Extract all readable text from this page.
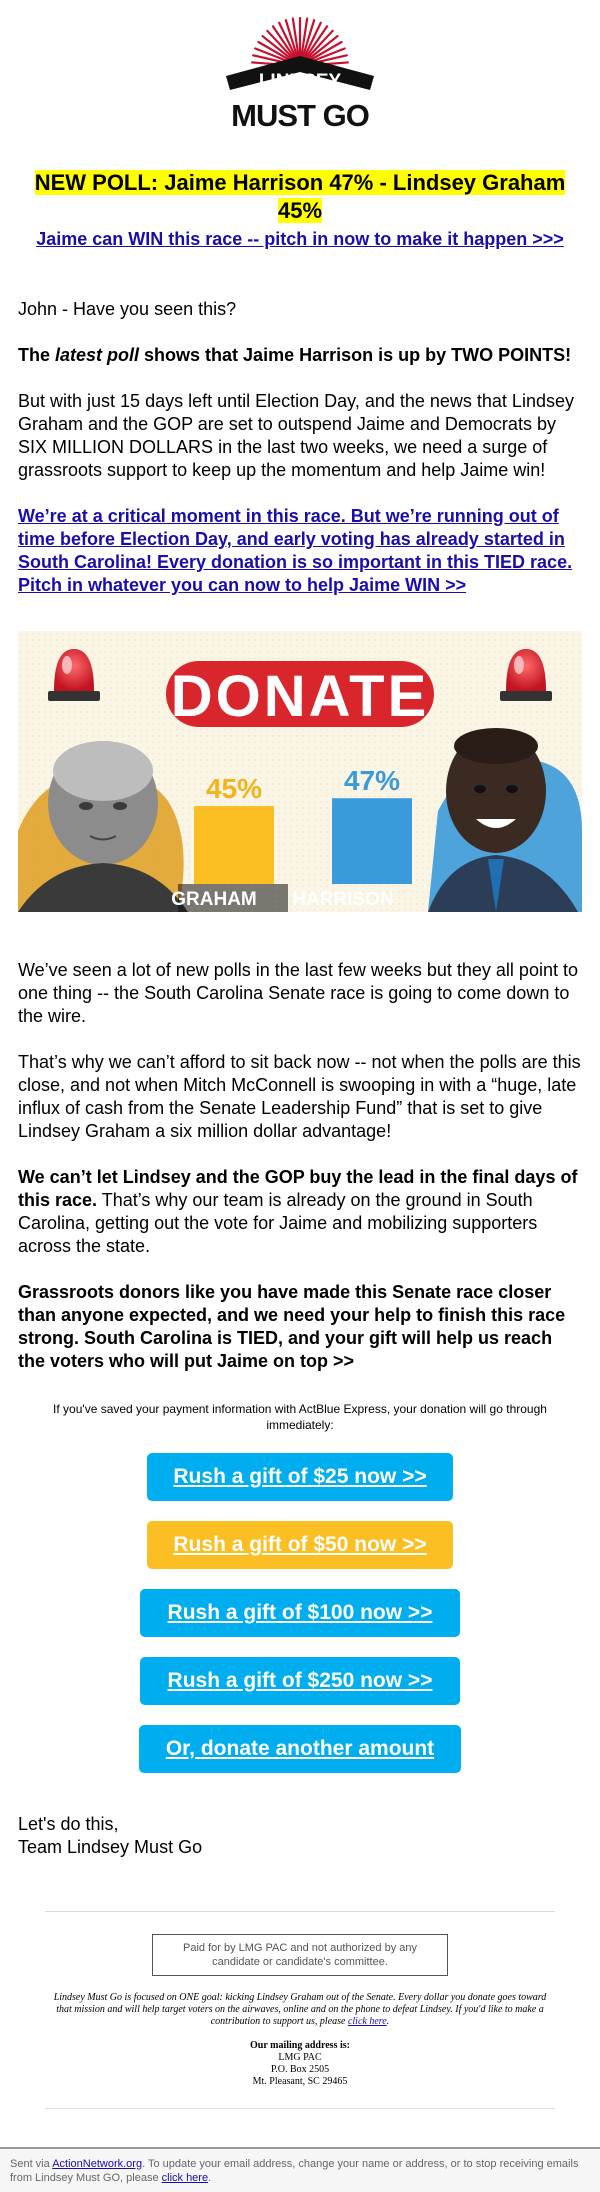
LINDSEY
MUST GO
NEW POLL: Jaime Harrison 47% - Lindsey Graham 45%
Jaime can WIN this race -- pitch in now to make it happen >>>
John - Have you seen this?
The latest poll shows that Jaime Harrison is up by TWO POINTS!
But with just 15 days left until Election Day, and the news that Lindsey Graham and the GOP are set to outspend Jaime and Democrats by SIX MILLION DOLLARS in the last two weeks, we need a surge of grassroots support to keep up the momentum and help Jaime win!
We’re at a critical moment in this race. But we’re running out of time before Election Day, and early voting has already started in South Carolina! Every donation is so important in this TIED race. Pitch in whatever you can now to help Jaime WIN >>
DONATE
45%	47%
GRAHAM HARRISON
We’ve seen a lot of new polls in the last few weeks but they all point to one thing -- the South Carolina Senate race is going to come down to the wire.
That’s why we can’t afford to sit back now -- not when the polls are this close, and not when Mitch McConnell is swooping in with a “huge, late influx of cash from the Senate Leadership Fund” that is set to give Lindsey Graham a six million dollar advantage!
We can’t let Lindsey and the GOP buy the lead in the final days of this race. That’s why our team is already on the ground in South Carolina, getting out the vote for Jaime and mobilizing supporters across the state.
Grassroots donors like you have made this Senate race closer than anyone expected, and we need your help to finish this race strong. South Carolina is TIED, and your gift will help us reach the voters who will put Jaime on top >>
If you've saved your payment information with ActBlue Express, your donation will go through immediately:
Rush a gift of $25 now >>
Rush a gift of $50 now >>
Rush a gift of $100 now >>
Rush a gift of $250 now >>
Or, donate another amount
Let's do this,
Team Lindsey Must Go
Paid for by LMG PAC and not authorized by any candidate or candidate's committee.
Lindsey Must Go is focused on ONE goal: kicking Lindsey Graham out of the Senate. Every dollar you donate goes toward that mission and will help target voters on the airwaves, online and on the phone to defeat Lindsey. If you'd like to make a contribution to support us, please click here.
Our mailing address is:
LMG PAC
P.O. Box 2505
Mt. Pleasant, SC 29465
Sent via ActionNetwork.org. To update your email address, change your name or address, or to stop receiving emails from Lindsey Must GO, please click here.
